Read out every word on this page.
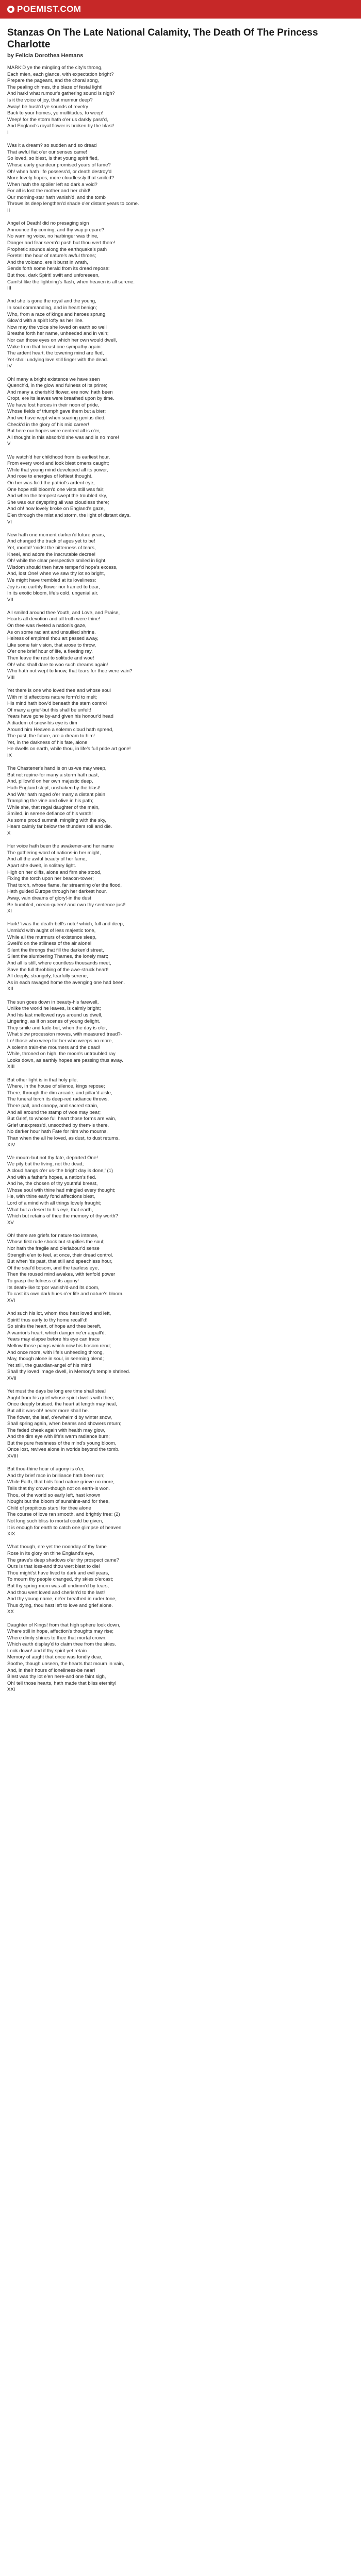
POEMIST.COM
Stanzas On The Late National Calamity, The Death Of The Princess Charlotte
by Felicia Dorothea Hemans
MARK'D ye the mingling of the city's throng,
Each mien, each glance, with expectation bright?
Prepare the pageant, and the choral song,
The pealing chimes, the blaze of festal light!
And hark! what rumour's gathering sound is nigh?
Is it the voice of joy, that murmur deep?
Away! be hush'd ye sounds of revelry
Back to your homes, ye multitudes, to weep!
Weep! for the storm hath o'er us darkly pass'd,
And England's royal flower is broken by the blast!
I
Was it a dream? so sudden and so dread
That awful fiat o'er our senses came!
So loved, so blest, is that young spirit fled,
Whose early grandeur promised years of fame?
Oh! when hath life possess'd, or death destroy'd
More lovely hopes, more cloudlessly that smiled?
When hath the spoiler left so dark a void?
For all is lost the mother and her child!
Our morning-star hath vanish'd, and the tomb
Throws its deep lengthen'd shade o'er distant years to come.
II
Angel of Death! did no presaging sign
Announce thy coming, and thy way prepare?
No warning voice, no harbinger was thine,
Danger and fear seem'd past! but thou wert there!
Prophetic sounds along the earthquake's path
Foretell the hour of nature's awful throes;
And the volcano, ere it burst in wrath,
Sends forth some herald from its dread repose:
But thou, dark Spirit! swift and unforeseen,
Cam'st like the lightning's flash, when heaven is all serene.
III
And she is gone the royal and the young,
In soul commanding, and in heart benign;
Who, from a race of kings and heroes sprung,
Glow'd with a spirit lofty as her line.
Now may the voice she loved on earth so well
Breathe forth her name, unheeded and in vain;
Nor can those eyes on which her own would dwell,
Wake from that breast one sympathy again:
The ardent heart, the towering mind are fled,
Yet shall undying love still linger with the dead.
IV
Oh! many a bright existence we have seen
Quench'd, in the glow and fulness of its prime;
And many a cherish'd flower, ere now, hath been
Cropt, ere its leaves were breathed upon by time.
We have lost heroes in their noon of pride,
Whose fields of triumph gave them but a bier;
And we have wept when soaring genius died,
Check'd in the glory of his mid career!
But here our hopes were centred all is o'er,
All thought in this absorb'd she was and is no more!
V
We watch'd her childhood from its earliest hour,
From every word and look blest omens caught;
While that young mind developed all its power,
And rose to energies of loftiest thought.
On her was fix'd the patriot's ardent eye,
One hope still bloom'd one vista still was fair;
And when the tempest swept the troubled sky,
She was our dayspring all was cloudless there;
And oh! how lovely broke on England's gaze,
E'en through the mist and storm, the light of distant days.
VI
Now hath one moment darken'd future years,
And changed the track of ages yet to be!
Yet, mortal! 'midst the bitterness of tears,
Kneel, and adore the inscrutable decree!
Oh! while the clear perspective smiled in light,
Wisdom should then have temper'd hope's excess,
And, lost One! when we saw thy lot so bright,
We might have trembled at its loveliness:
Joy is no earthly flower nor framed to bear,
In its exotic bloom, life's cold, ungenial air.
VII
All smiled around thee Youth, and Love, and Praise,
Hearts all devotion and all truth were thine!
On thee was riveted a nation's gaze,
As on some radiant and unsullied shrine.
Heiress of empires! thou art passed away,
Like some fair vision, that arose to throw,
O'er one brief hour of life, a fleeting ray,
Then leave the rest to solitude and woe!
Oh! who shall dare to woo such dreams again!
Who hath not wept to know, that tears for thee were vain?
VIII
Yet there is one who loved thee and whose soul
With mild affections nature form'd to melt;
His mind hath bow'd beneath the stern control
Of many a grief-but this shall be unfelt!
Years have gone by-and given his honour'd head
A diadem of snow-his eye is dim
Around him Heaven a solemn cloud hath spread,
The past, the future, are a dream to him!
Yet, in the darkness of his fate, alone
He dwells on earth, while thou, in life's full pride art gone!
IX
The Chastener's hand is on us-we may weep,
But not repine-for many a storm hath past,
And, pillow'd on her own majestic deep,
Hath England slept, unshaken by the blast!
And War hath raged o'er many a distant plain
Trampling the vine and olive in his path;
While she, that regal daughter of the main,
Smiled, in serene defiance of his wrath!
As some proud summit, mingling with the sky,
Hears calmly far below the thunders roll and die.
X
Her voice hath been the awakener-and her name
The gathering-word of nations-in her might,
And all the awful beauty of her fame,
Apart she dwelt, in solitary light.
High on her cliffs, alone and firm she stood,
Fixing the torch upon her beacon-tower;
That torch, whose flame, far streaming o'er the flood,
Hath guided Europe through her darkest hour.
Away, vain dreams of glory!-in the dust
Be humbled, ocean-queen! and own thy sentence just!
XI
Hark! 'twas the death-bell's note! which, full and deep,
Unmix'd with aught of less majestic tone,
While all the murmurs of existence sleep,
Swell'd on the stillness of the air alone!
Silent the throngs that fill the darken'd street,
Silent the slumbering Thames, the lonely mart;
And all is still, where countless thousands meet,
Save the full throbbing of the awe-struck heart!
All deeply, strangely, fearfully serene,
As in each ravaged home the avenging one had been.
XII
The sun goes down in beauty-his farewell,
Unlike the world he leaves, is calmly bright;
And his last mellowed rays around us dwell,
Lingering, as if on scenes of young delight.
They smile and fade-but, when the day is o'er,
What slow procession moves, with measured tread?-
Lo! those who weep for her who weeps no more,
A solemn train-the mourners and the dead!
While, throned on high, the moon's untroubled ray
Looks down, as earthly hopes are passing thus away.
XIII
But other light is in that holy pile,
Where, in the house of silence, kings repose;
There, through the dim arcade, and pillar'd aisle,
The funeral torch its deep-red radiance throws.
There pall, and canopy, and sacred strain,
And all around the stamp of woe may bear;
But Grief, to whose full heart those forms are vain,
Grief unexpress'd, unsoothed by them-is there.
No darker hour hath Fate for him who mourns,
Than when the all he loved, as dust, to dust returns.
XIV
We mourn-but not thy fate, departed One!
We pity but the living, not the dead;
A cloud hangs o'er us-'the bright day is done,' (1)
And with a father's hopes, a nation's fled.
And he, the chosen of thy youthful breast,
Whose soul with thine had mingled every thought;
He, with thine early fond affections blest,
Lord of a mind with all things lovely fraught;
What but a desert to his eye, that earth,
Which but retains of thee the memory of thy worth?
XV
Oh! there are griefs for nature too intense,
Whose first rude shock but stupifies the soul;
Nor hath the fragile and o'erlabour'd sense
Strength e'en to feel, at once, their dread control.
But when 'tis past, that still and speechless hour,
Of the seal'd bosom, and the tearless eye,
Then the roused mind awakes, with tenfold power
To grasp the fulness of its agony!
Its death-like torpor vanish'd-and its doom,
To cast its own dark hues o'er life and nature's bloom.
XVI
And such his lot, whom thou hast loved and left,
Spirit! thus early to thy home recall'd!
So sinks the heart, of hope and thee bereft,
A warrior's heart, which danger ne'er appall'd.
Years may elapse before his eye can trace
Mellow those pangs which now his bosom rend;
And once more, with life's unheeding throng,
May, though alone in soul, in seeming blend;
Yet still, the guardian-angel of his mind
Shall thy loved image dwell, in Memory's temple shrined.
XVII
Yet must the days be long ere time shall steal
Aught from his grief whose spirit dwells with thee;
Once deeply bruised, the heart at length may heal,
But all it was-oh! never more shall be.
The flower, the leaf, o'erwhelm'd by winter snow,
Shall spring again, when beams and showers return;
The faded cheek again with health may glow,
And the dim eye with life's warm radiance burn;
But the pure freshness of the mind's young bloom,
Once lost, revives alone in worlds beyond the tomb.
XVIII
But thou-thine hour of agony is o'er,
And thy brief race in brilliance hath been run;
While Faith, that bids fond nature grieve no more,
Tells that thy crown-though not on earth-is won.
Thou, of the world so early left, hast known
Nought but the bloom of sunshine-and for thee,
Child of propitious stars! for thee alone
The course of love ran smooth, and brightly free: (2)
Not long such bliss to mortal could be given,
It is enough for earth to catch one glimpse of heaven.
XIX
What though, ere yet the noonday of thy fame
Rose in its glory on thine England's eye,
The grave's deep shadows o'er thy prospect came?
Ours is that loss-and thou wert blest to die!
Thou might'st have lived to dark and evil years,
To mourn thy people changed, thy skies o'ercast;
But thy spring-morn was all undimm'd by tears,
And thou wert loved and cherish'd to the last!
And thy young name, ne'er breathed in ruder tone,
Thus dying, thou hast left to love and grief alone.
XX
Daughter of Kings! from that high sphere look down,
Where still in hope, affection's thoughts may rise;
Where dimly shines to thee that mortal crown,
Which earth display'd to claim thee from the skies.
Look down! and if thy spirit yet retain
Memory of aught that once was fondly dear,
Soothe, though unseen, the hearts that mourn in vain,
And, in their hours of loneliness-be near!
Blest was thy lot e'en here-and one faint sigh,
Oh! tell those hearts, hath made that bliss eternity!
XXI
